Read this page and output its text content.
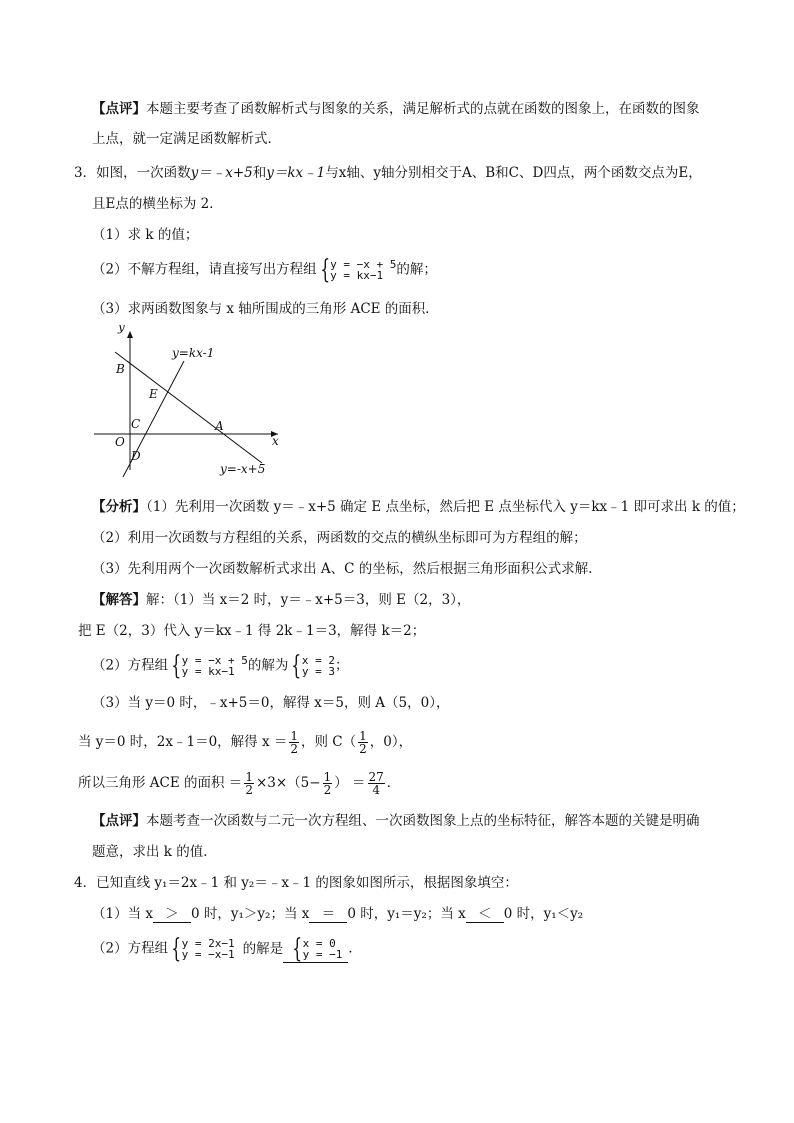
【点评】本题主要考查了函数解析式与图象的关系，满足解析式的点就在函数的图象上，在函数的图象
上点，就一定满足函数解析式．
3．如图，一次函数y＝﹣x+5和y＝kx﹣1与x轴、y轴分别相交于A、B和C、D四点，两个函数交点为E，
且E点的横坐标为 2．
（1）求 k 的值；
（2）不解方程组，请直接写出方程组 { y = −x + 5
y = kx−1 的解；
（3）求两函数图象与 x 轴所围成的三角形 ACE 的面积．
y
x
y=kx-1
y=-x+5
B
E
C
O
D
A
【分析】（1）先利用一次函数 y＝﹣x+5 确定 E 点坐标，然后把 E 点坐标代入 y＝kx﹣1 即可求出 k 的值；
（2）利用一次函数与方程组的关系，两函数的交点的横纵坐标即可为方程组的解；
（3）先利用两个一次函数解析式求出 A、C 的坐标，然后根据三角形面积公式求解．
【解答】解：（1）当 x＝2 时，y＝﹣x+5＝3，则 E（2，3），
把 E（2，3）代入 y＝kx﹣1 得 2k﹣1＝3，解得 k＝2；
（2）方程组 { y = −x + 5
y = kx−1 的解为 { x = 2
y = 3 ；
（3）当 y＝0 时，﹣x+5＝0，解得 x＝5，则 A（5，0），
当 y＝0 时，2x﹣1＝0，解得 $x = \frac{1}{2}$ ，则 $C( \frac{1}{2}$ ，0），
所以三角形 ACE 的面积 ＝ $\frac{1}{2} \times 3\times(5- \frac{1}{2}$ ） ＝ $\frac{27}{4}$ ．
【点评】本题考查一次函数与二元一次方程组、一次函数图象上点的坐标特征，解答本题的关键是明确
题意，求出 k 的值．
4．已知直线 y₁＝2x﹣1 和 y₂＝﹣x﹣1 的图象如图所示，根据图象填空：
（1）当 x ＞ 0 时，y₁＞y₂；当 x ＝ 0 时，y₁＝y₂；当 x ＜ 0 时，y₁＜y₂
（2）方程组 { y = 2x−1
y = −x−1 的解是 { x = 0
y = −1 ．
